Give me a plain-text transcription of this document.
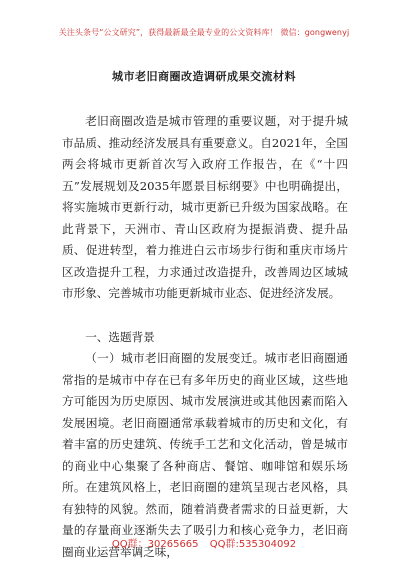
关注头条号“公文研究”，获得最新最全最专业的公文资料库！ 微信：gongwenyj
城市老旧商圈改造调研成果交流材料

老旧商圈改造是城市管理的重要议题，对于提升城市品质、推动经济发展具有重要意义。自2021年，全国两会将城市更新首次写入政府工作报告，在《“十四五”发展规划及2035年愿景目标纲要》中也明确提出，将实施城市更新行动，城市更新已升级为国家战略。在此背景下，天洲市、青山区政府为提振消费、提升品质、促进转型，着力推进白云市场步行街和重庆市场片区改造提升工程，力求通过改造提升，改善周边区域城市形象、完善城市功能更新城市业态、促进经济发展。

一、选题背景

（一）城市老旧商圈的发展变迁。城市老旧商圈通常指的是城市中存在已有多年历史的商业区域，这些地方可能因为历史原因、城市发展演进或其他因素而陷入发展困境。老旧商圈通常承载着城市的历史和文化，有着丰富的历史建筑、传统手工艺和文化活动，曾是城市的商业中心集聚了各种商店、餐馆、咖啡馆和娱乐场所。在建筑风格上，老旧商圈的建筑呈现古老风格，具有独特的风貌。然而，随着消费者需求的日益更新，大量的存量商业逐渐失去了吸引力和核心竞争力，老旧商圈商业运营举调乏味，

QQ群：30265665 QQ群:535304092
